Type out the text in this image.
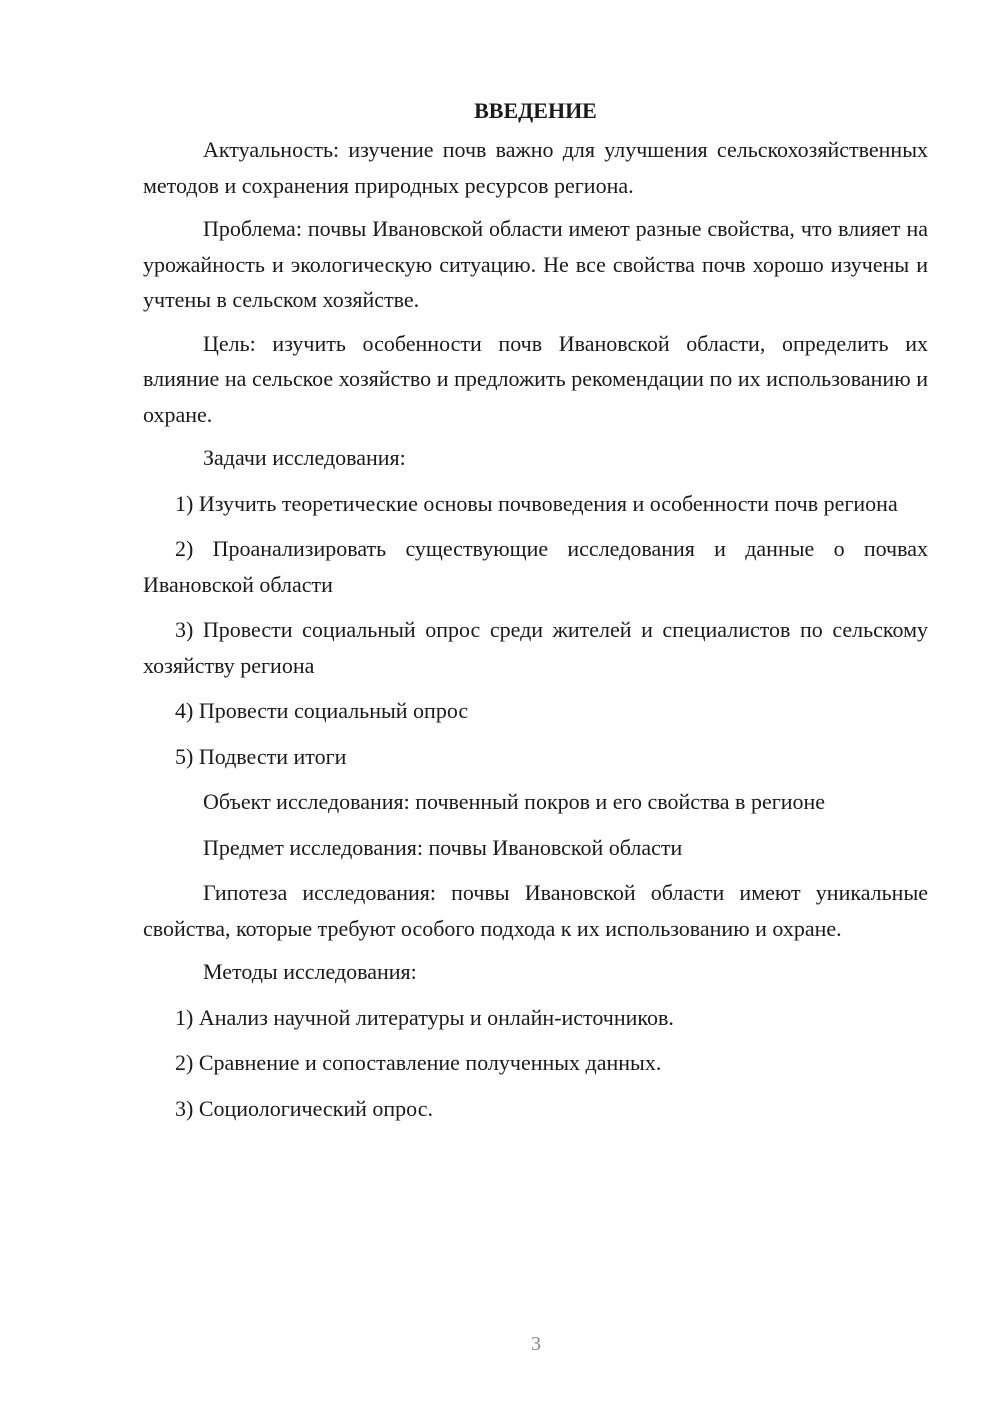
ВВЕДЕНИЕ

Актуальность: изучение почв важно для улучшения сельскохозяйственных методов и сохранения природных ресурсов региона.

Проблема: почвы Ивановской области имеют разные свойства, что влияет на урожайность и экологическую ситуацию. Не все свойства почв хорошо изучены и учтены в сельском хозяйстве.

Цель: изучить особенности почв Ивановской области, определить их влияние на сельское хозяйство и предложить рекомендации по их использованию и охране.

Задачи исследования:

1) Изучить теоретические основы почвоведения и особенности почв региона

2) Проанализировать существующие исследования и данные о почвах Ивановской области

3) Провести социальный опрос среди жителей и специалистов по сельскому хозяйству региона

4) Провести социальный опрос

5) Подвести итоги

Объект исследования: почвенный покров и его свойства в регионе

Предмет исследования: почвы Ивановской области

Гипотеза исследования: почвы Ивановской области имеют уникальные свойства, которые требуют особого подхода к их использованию и охране.

Методы исследования:

1) Анализ научной литературы и онлайн-источников.

2) Сравнение и сопоставление полученных данных.

3) Социологический опрос.

3
